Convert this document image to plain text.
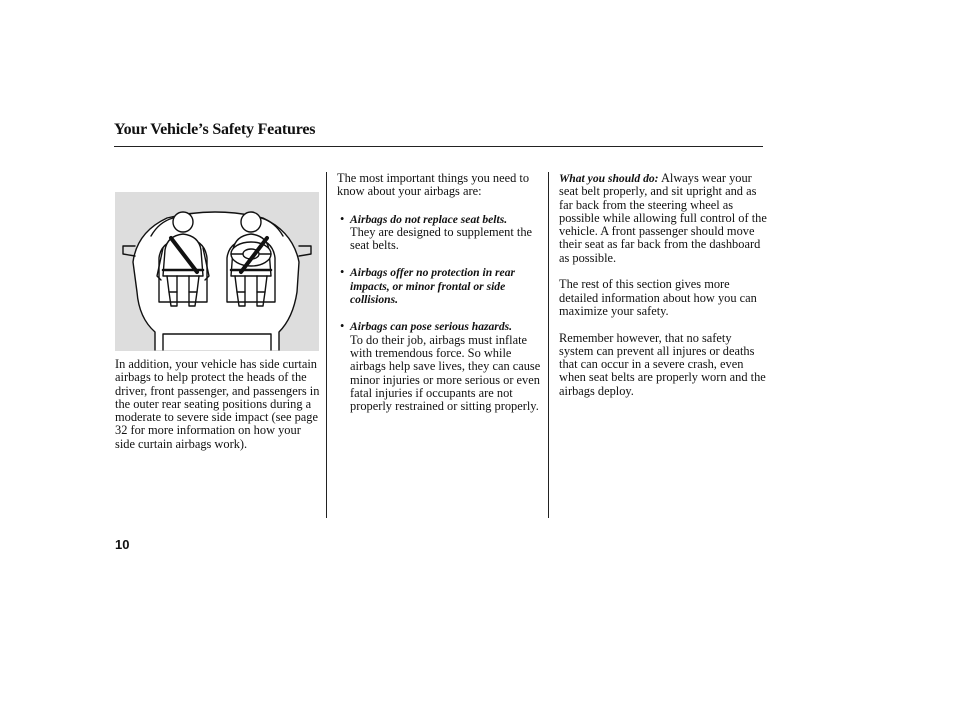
Your Vehicle’s Safety Features
In addition, your vehicle has side curtain airbags to help protect the heads of the driver, front passenger, and passengers in the outer rear seating positions during a moderate to severe side impact (see page 32 for more information on how your side curtain airbags work).

The most important things you need to know about your airbags are:

• Airbags do not replace seat belts.
They are designed to supplement the seat belts.

• Airbags offer no protection in rear impacts, or minor frontal or side collisions.

• Airbags can pose serious hazards.
To do their job, airbags must inflate with tremendous force. So while airbags help save lives, they can cause minor injuries or more serious or even fatal injuries if occupants are not properly restrained or sitting properly.

What you should do: Always wear your seat belt properly, and sit upright and as far back from the steering wheel as possible while allowing full control of the vehicle. A front passenger should move their seat as far back from the dashboard as possible.

The rest of this section gives more detailed information about how you can maximize your safety.

Remember however, that no safety system can prevent all injures or deaths that can occur in a severe crash, even when seat belts are properly worn and the airbags deploy.

10
